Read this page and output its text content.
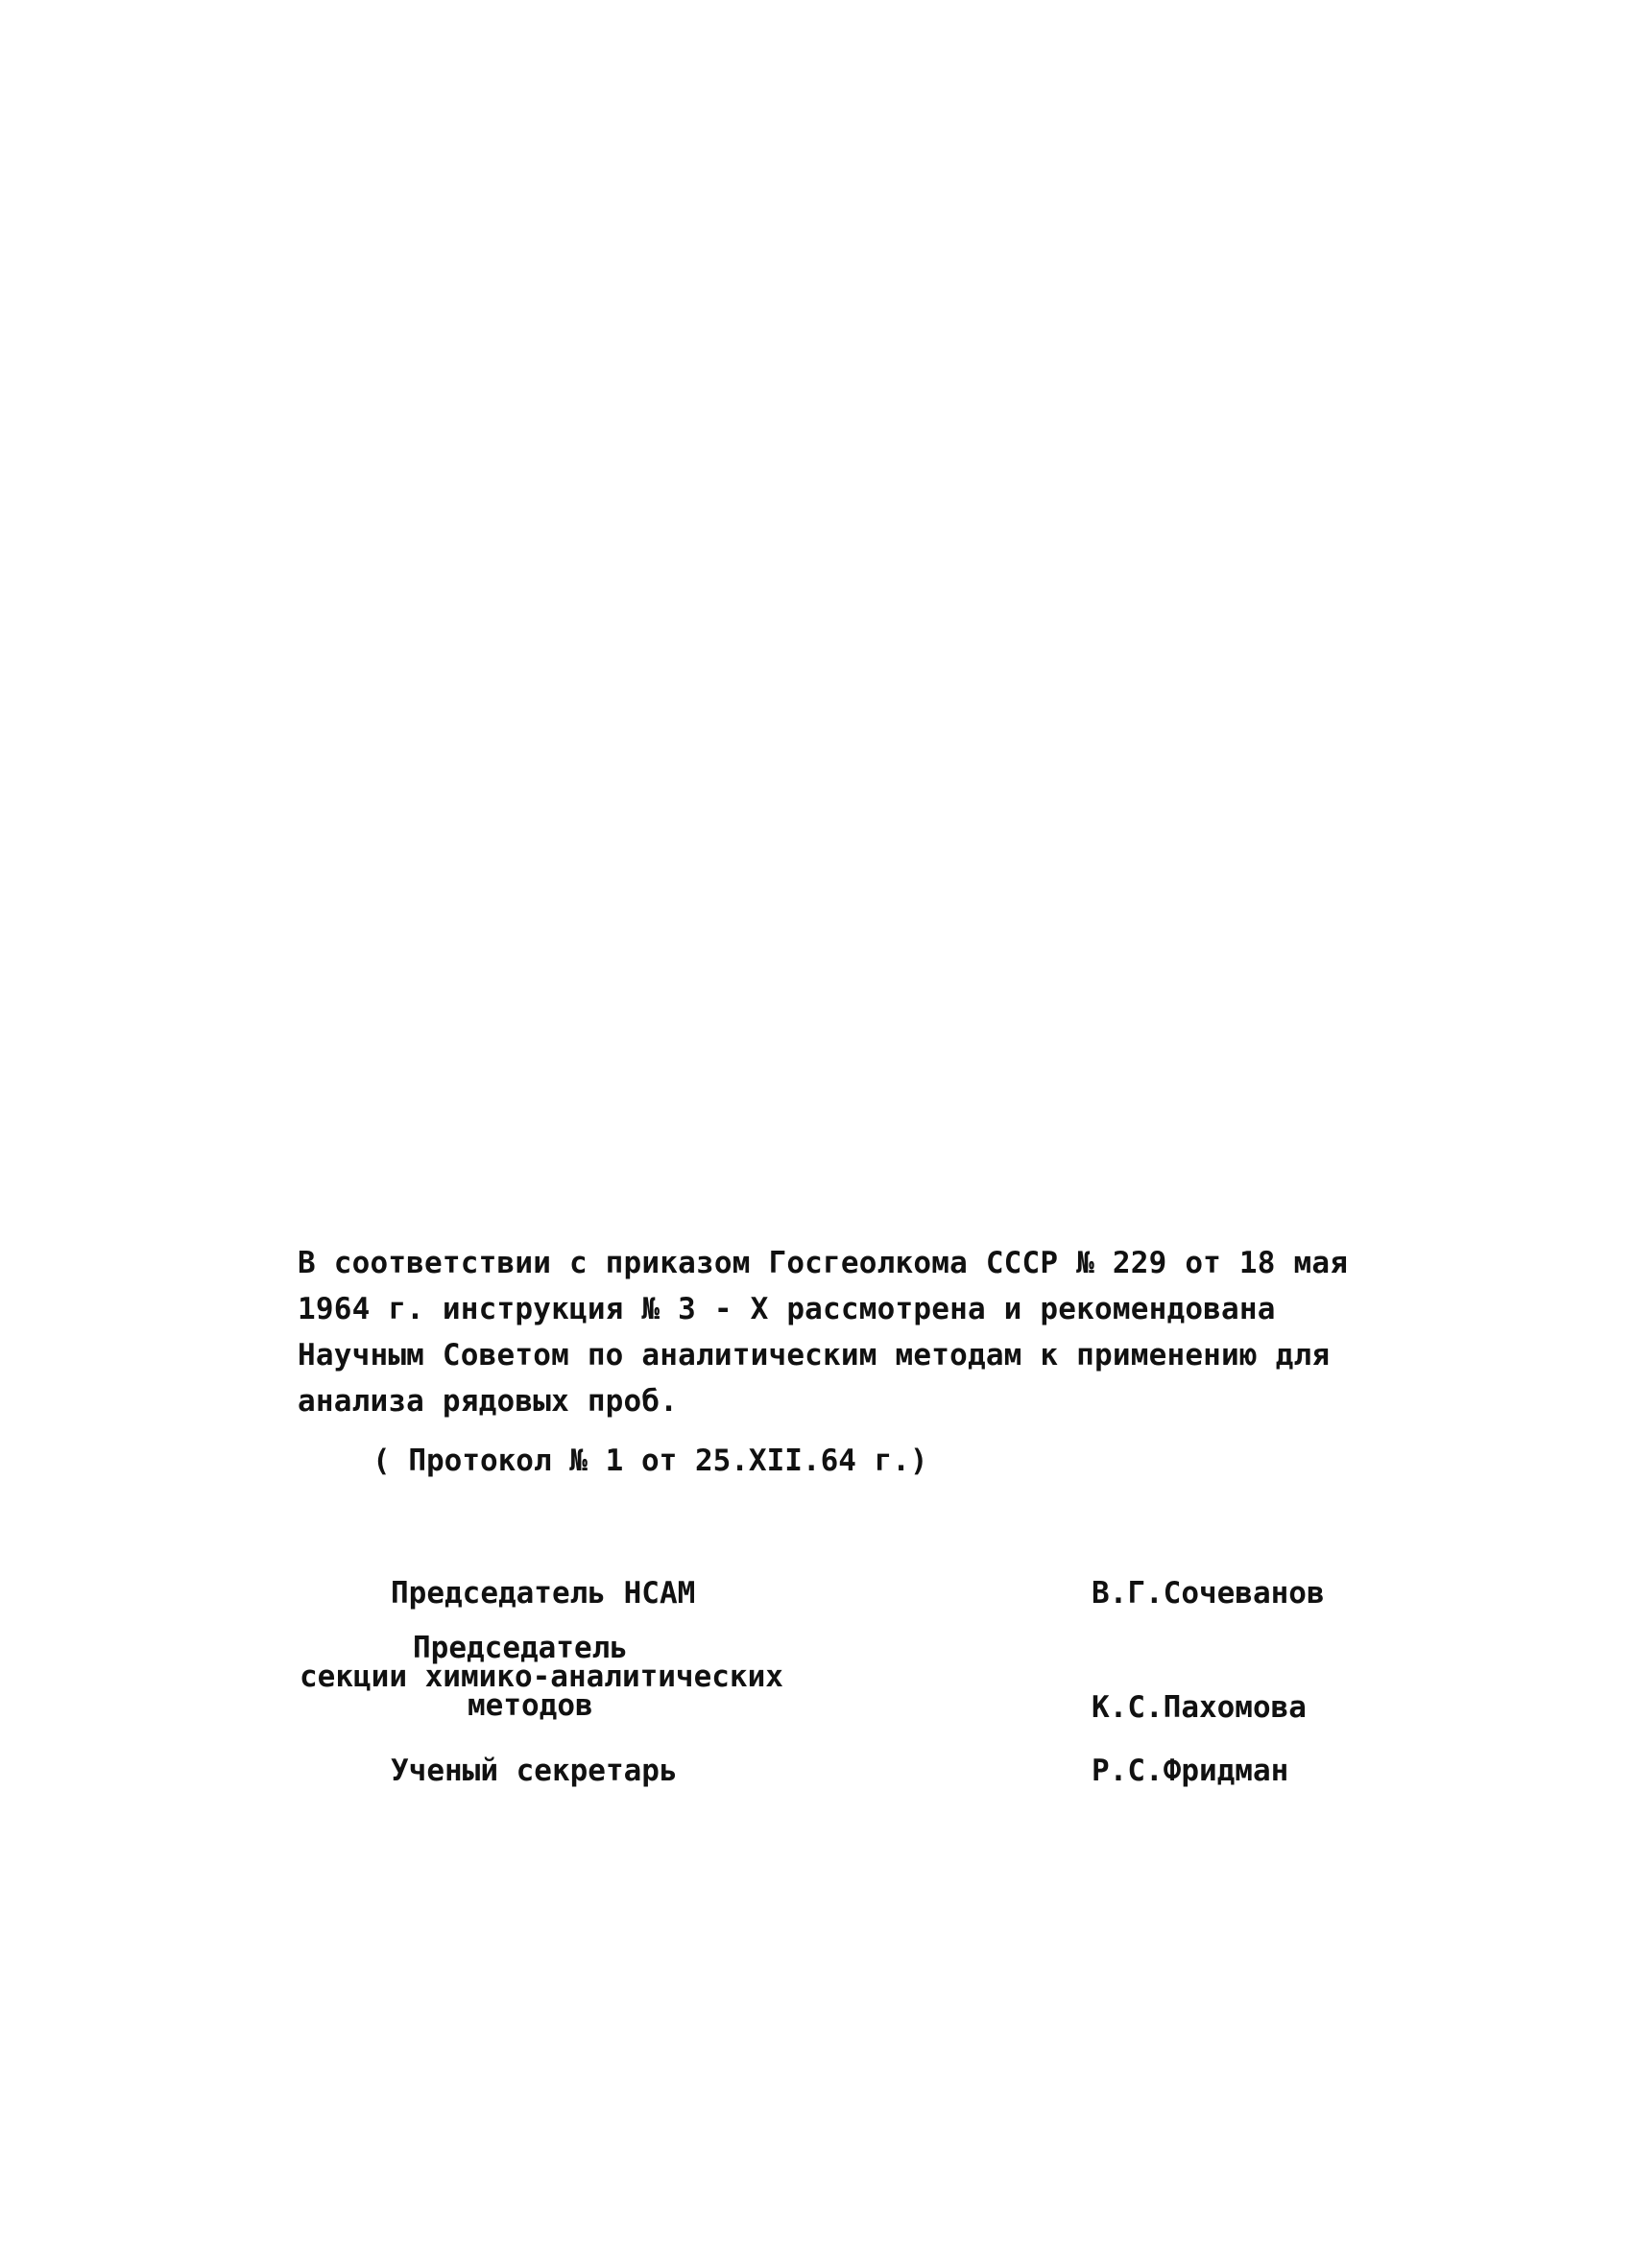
В соответствии с приказом Госгеолкома СССР № 229 от 18 мая
1964 г. инструкция № 3 - Х рассмотрена и рекомендована
Научным Советом по аналитическим методам к применению для
анализа рядовых проб.
( Протокол № 1 от 25.XII.64 г.)
Председатель НСАМ	В.Г.Сочеванов
Председатель
секции химико-аналитических
методов	К.С.Пахомова
Ученый секретарь	Р.С.Фридман
